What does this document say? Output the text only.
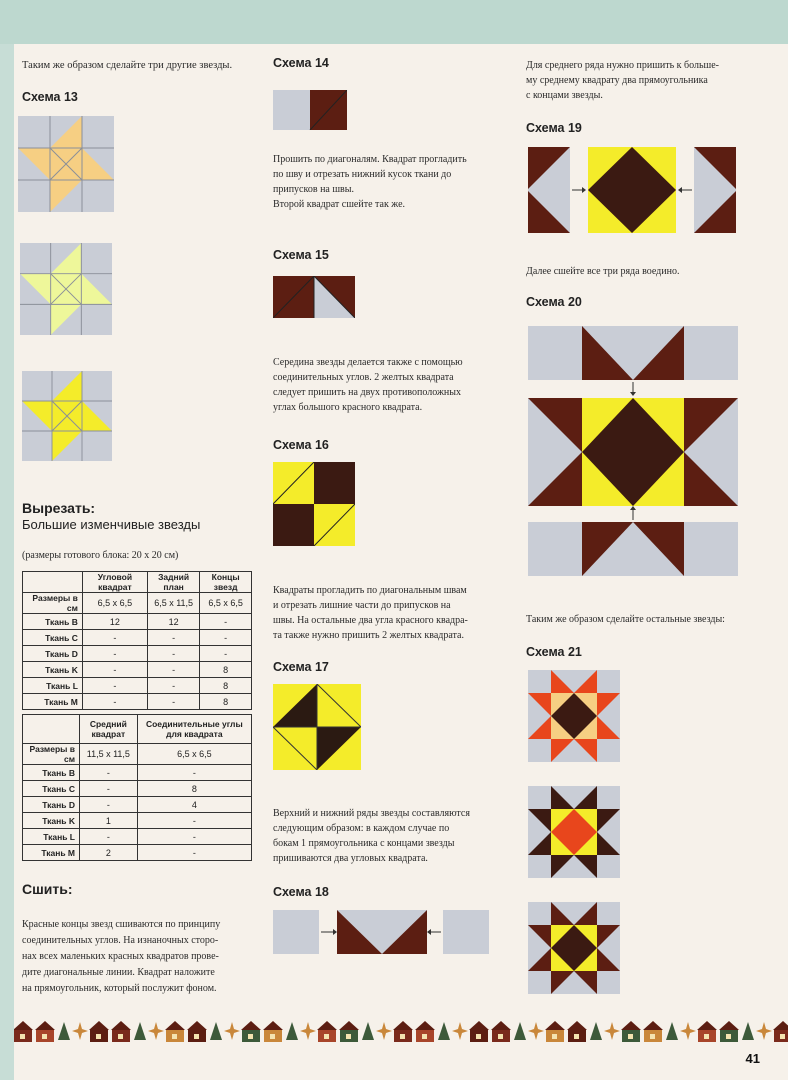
Таким же образом сделайте три другие звезды.
Схема 13
Вырезать:
Большие изменчивые звезды
(размеры готового блока: 20 x 20 см)
	Угловой квадрат	Задний план	Концы звезд
Размеры в см	6,5 x 6,5	6,5 x 11,5	6,5 x 6,5
Ткань B	12	12	-
Ткань C	-	-	-
Ткань D	-	-	-
Ткань K	-	-	8
Ткань L	-	-	8
Ткань M	-	-	8
	Средний квадрат	Соединительные углы для квадрата
Размеры в см	11,5 x 11,5	6,5 x 6,5
Ткань B	-	-
Ткань C	-	8
Ткань D	-	4
Ткань K	1	-
Ткань L	-	-
Ткань M	2	-
Сшить:
Красные концы звезд сшиваются по принципу
соединительных углов. На изнаночных сторо-
нах всех маленьких красных квадратов прове-
дите диагональные линии. Квадрат наложите
на прямоугольник, который послужит фоном.
Схема 14
Прошить по диагоналям. Квадрат прогладить
по шву и отрезать нижний кусок ткани до
припусков на швы.
Второй квадрат сшейте так же.
Схема 15
Середина звезды делается также с помощью
соединительных углов. 2 желтых квадрата
следует пришить на двух противоположных
углах большого красного квадрата.
Схема 16
Квадраты прогладить по диагональным швам
и отрезать лишние части до припусков на
швы. На остальные два угла красного квадра-
та также нужно пришить 2 желтых квадрата.
Схема 17
Верхний и нижний ряды звезды составляются
следующим образом: в каждом случае по
бокам 1 прямоугольника с концами звезды
пришиваются два угловых квадрата.
Схема 18
Для среднего ряда нужно пришить к больше-
му среднему квадрату два прямоугольника
с концами звезды.
Схема 19
Далее сшейте все три ряда воедино.
Схема 20
Таким же образом сделайте остальные звезды:
Схема 21
41
